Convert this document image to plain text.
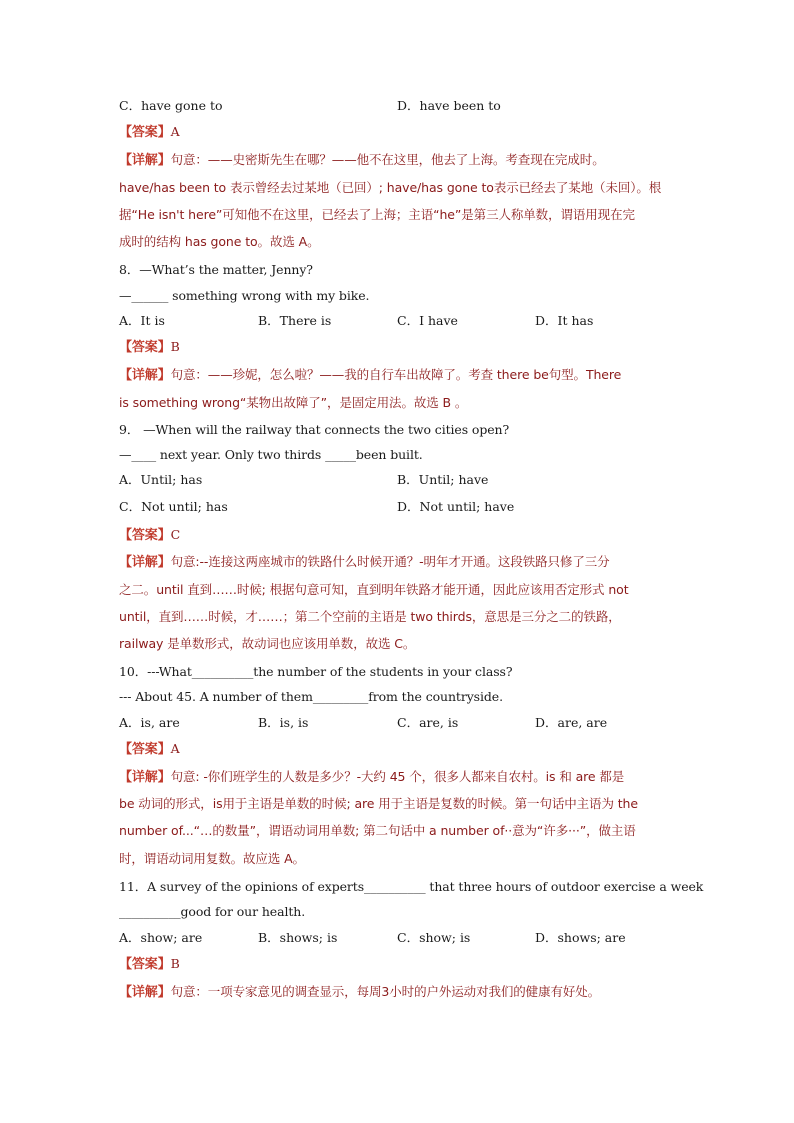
C．have gone to	D．have been to
【答案】A
【详解】句意：——史密斯先生在哪？——他不在这里，他去了上海。考查现在完成时。
have/has been to 表示曾经去过某地（已回）; have/has gone to表示已经去了某地（未回）。根
据“He isn't here”可知他不在这里，已经去了上海；主语“he”是第三人称单数，谓语用现在完
成时的结构 has gone to。故选 A。
8．—What’s the matter, Jenny?
—______ something wrong with my bike.
A．It is	B．There is	C．I have	D．It has
【答案】B
【详解】句意：——珍妮，怎么啦？——我的自行车出故障了。考查 there be句型。There
is something wrong“某物出故障了”，是固定用法。故选 B 。
9． —When will the railway that connects the two cities open?
—____ next year. Only two thirds _____been built.
A．Until; has	B．Until; have
C．Not until; has	D．Not until; have
【答案】C
【详解】句意:--连接这两座城市的铁路什么时候开通？-明年才开通。这段铁路只修了三分
之二。until 直到……时候; 根据句意可知，直到明年铁路才能开通，因此应该用否定形式 not
until，直到……时候，才……；第二个空前的主语是 two thirds，意思是三分之二的铁路，
railway 是单数形式，故动词也应该用单数，故选 C。
10．---What__________the number of the students in your class?
--- About 45. A number of them_________from the countryside.
A．is, are	B．is, is	C．are, is	D．are, are
【答案】A
【详解】句意: -你们班学生的人数是多少？-大约 45 个，很多人都来自农村。is 和 are 都是
be 动词的形式，is用于主语是单数的时候; are 用于主语是复数的时候。第一句话中主语为 the
number of...“…的数量”，谓语动词用单数; 第二句话中 a number of··意为“许多···”，做主语
时，谓语动词用复数。故应选 A。
11．A survey of the opinions of experts__________ that three hours of outdoor exercise a week
__________good for our health.
A．show; are	B．shows; is	C．show; is	D．shows; are
【答案】B
【详解】句意：一项专家意见的调查显示，每周3小时的户外运动对我们的健康有好处。
